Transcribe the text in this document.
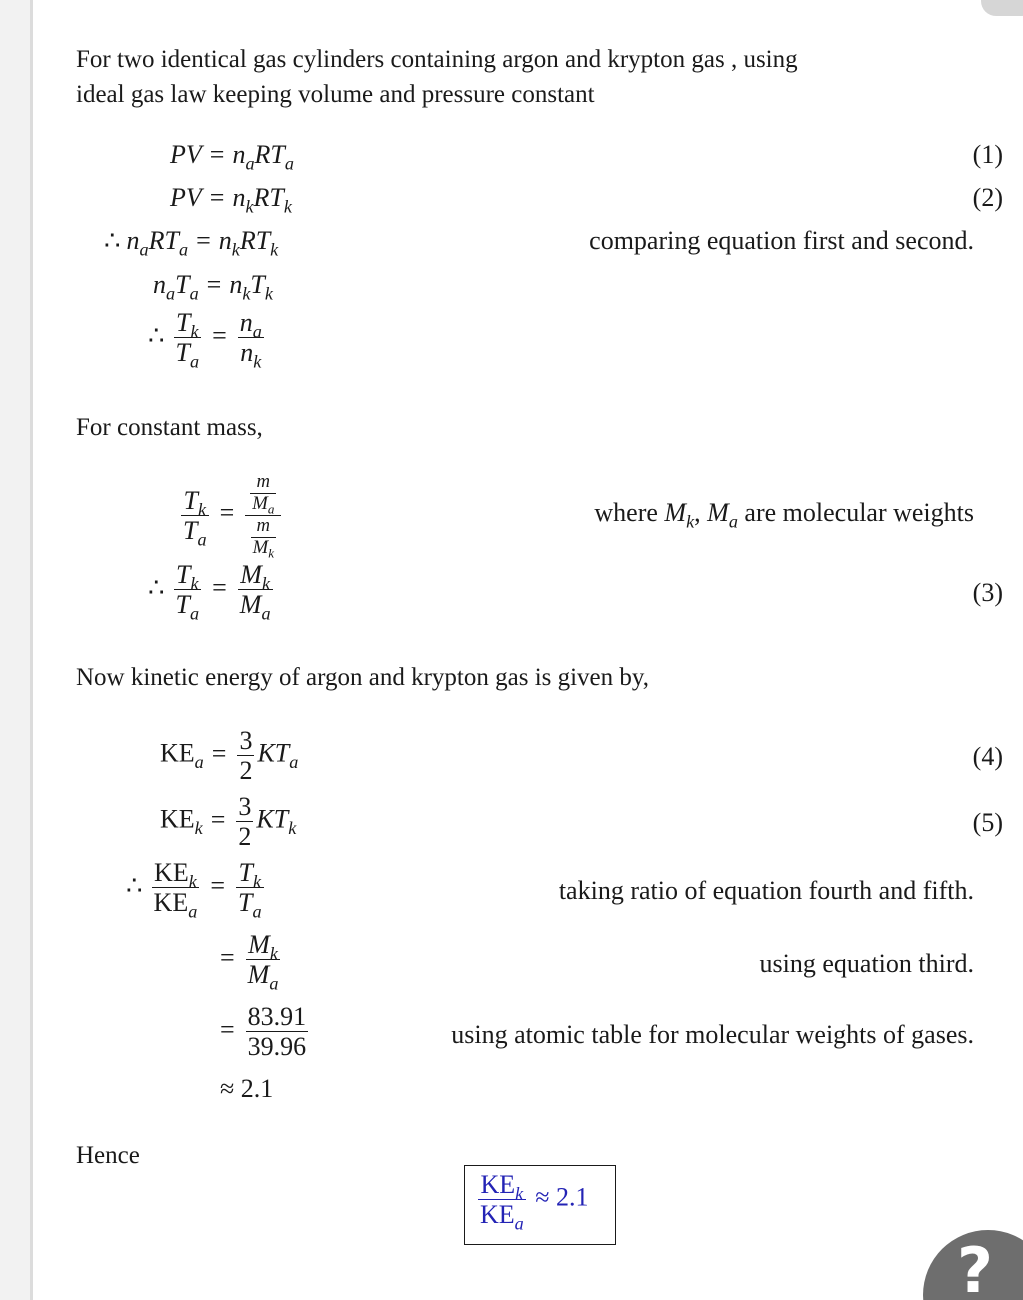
For two identical gas cylinders containing argon and krypton gas , using
ideal gas law keeping volume and pressure constant
PV = $n_aRT_a$	(1)
PV = $n_kRT_k$	(2)
∴ $n_aRT_a = n_kRT_k$	comparing equation first and second.
$n_aT_a = n_kT_k$
∴ $\frac{T_k}{T_a} = \frac{n_a}{n_k}$
For constant mass,
$\frac{T_k}{T_a} = \frac{\frac{m}{M_a}}{\frac{m}{M_k}}$	where $M_k$, $M_a$ are molecular weights
∴ $\frac{T_k}{T_a} = \frac{M_k}{M_a}$	(3)
Now kinetic energy of argon and krypton gas is given by,
$KE_a = \frac{3}{2} KT_a$	(4)
$KE_k = \frac{3}{2} KT_k$	(5)
∴ $\frac{KE_k}{KE_a} = \frac{T_k}{T_a}$	taking ratio of equation fourth and fifth.
= $\frac{M_k}{M_a}$	using equation third.
= $\frac{83.91}{39.96}$	using atomic table for molecular weights of gases.
≈ 2.1
Hence
$\frac{KE_k}{KE_a} \approx 2.1$
?
